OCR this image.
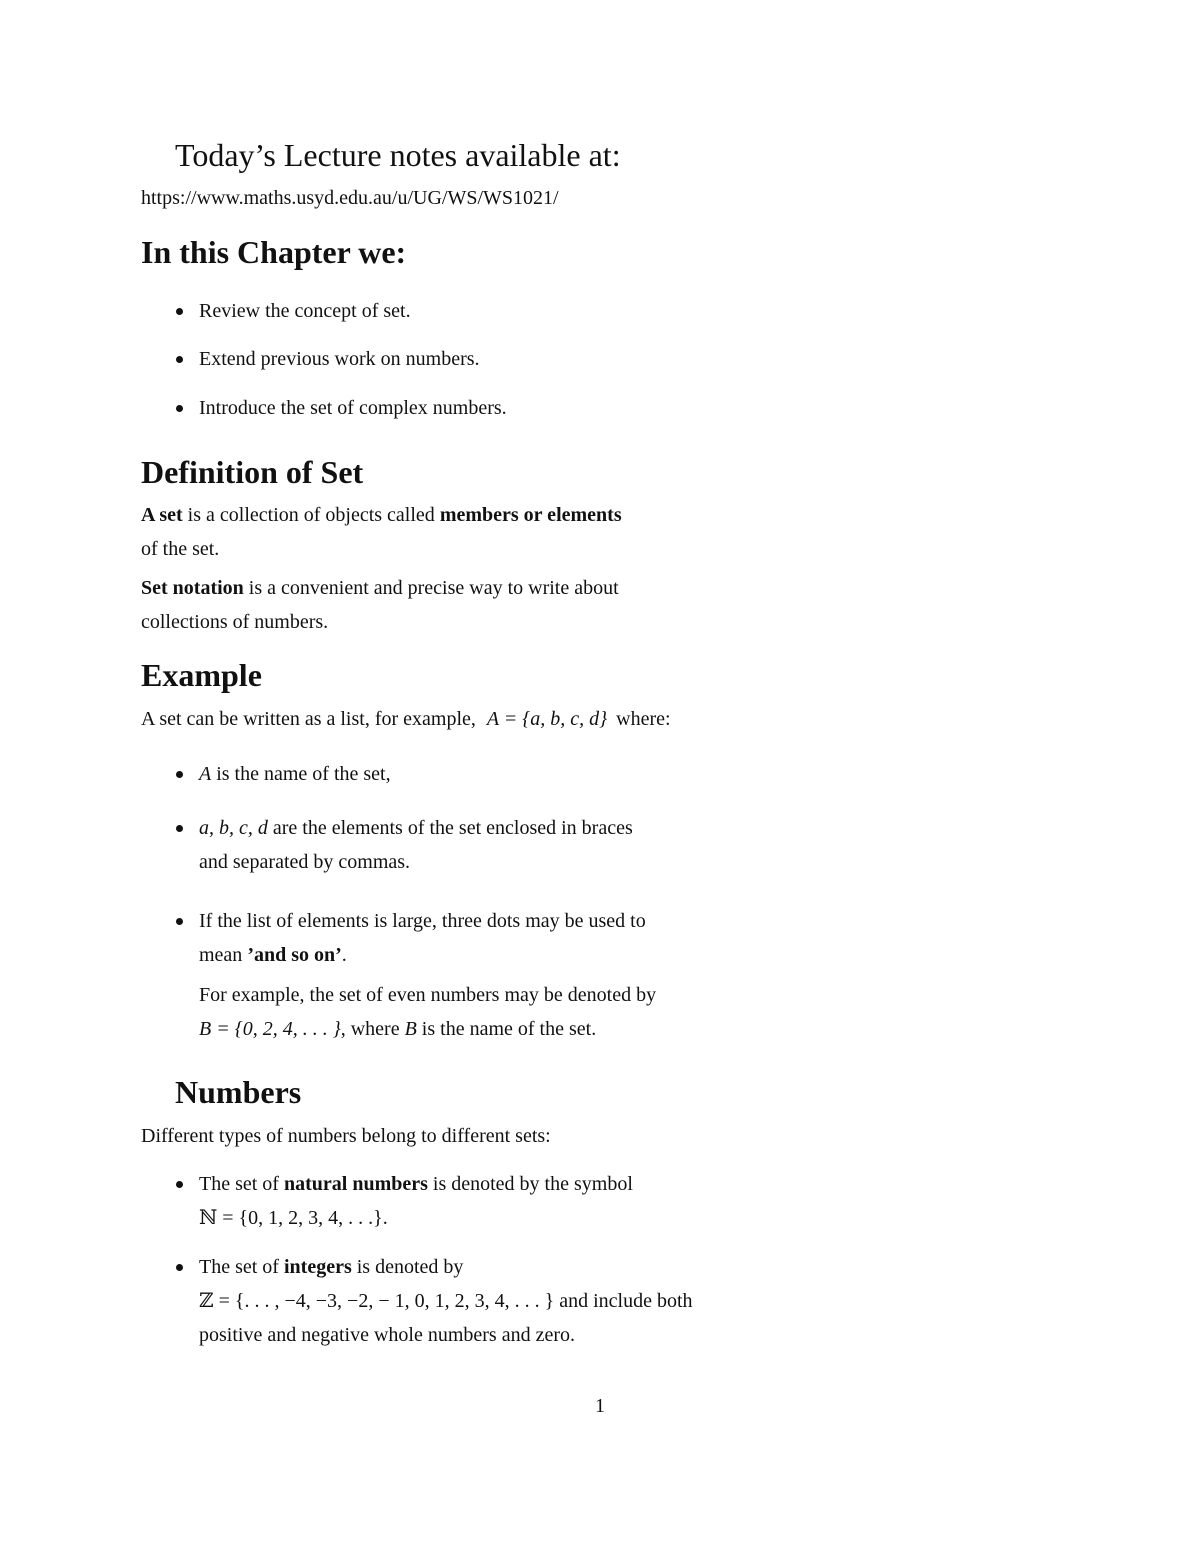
Today’s Lecture notes available at:
https://www.maths.usyd.edu.au/u/UG/WS/WS1021/
In this Chapter we:
Review the concept of set.
Extend previous work on numbers.
Introduce the set of complex numbers.
Definition of Set
A set is a collection of objects called members or elements
of the set.
Set notation is a convenient and precise way to write about
collections of numbers.
Example
A set can be written as a list, for example, A = {a, b, c, d} where:
A is the name of the set,
a, b, c, d are the elements of the set enclosed in braces
and separated by commas.
If the list of elements is large, three dots may be used to
mean ’and so on’.
For example, the set of even numbers may be denoted by
B = {0, 2, 4, . . . }, where B is the name of the set.
Numbers
Different types of numbers belong to different sets:
The set of natural numbers is denoted by the symbol
ℕ = {0, 1, 2, 3, 4, . . .}.
The set of integers is denoted by
ℤ = {. . . , −4, −3, −2, − 1, 0, 1, 2, 3, 4, . . . } and include both
positive and negative whole numbers and zero.
1
